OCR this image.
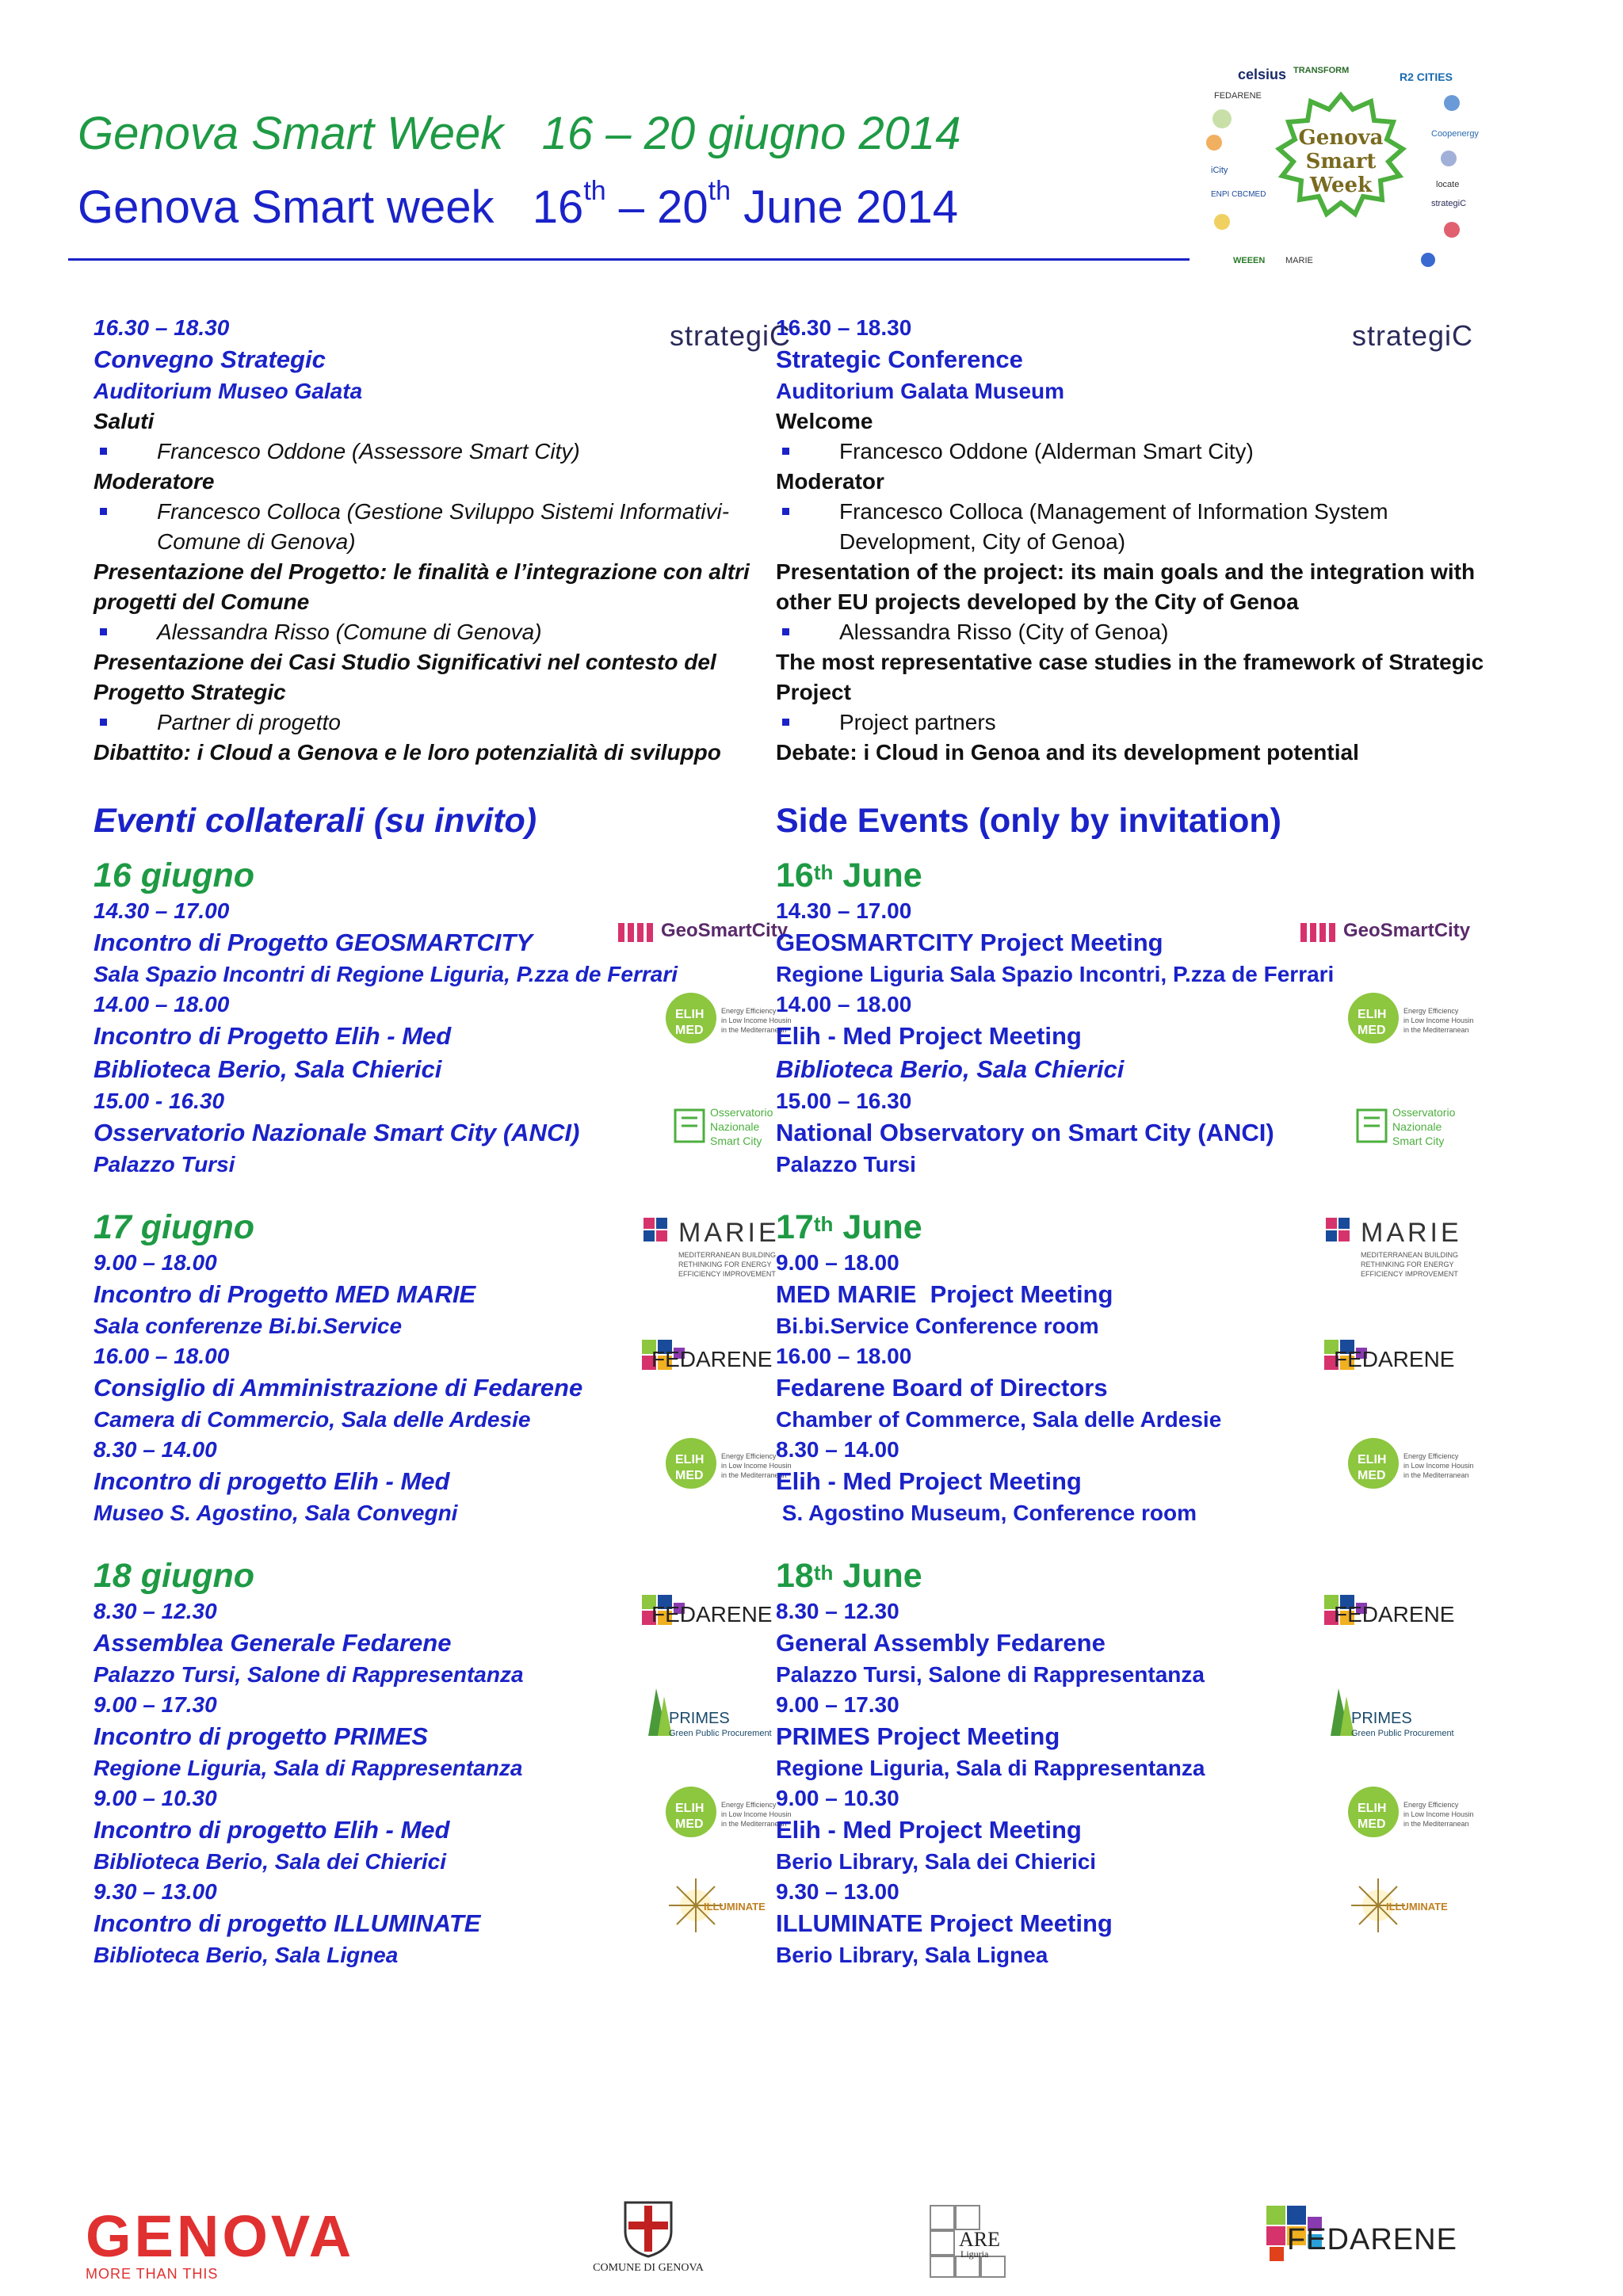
Genova Smart Week   16 – 20 giugno 2014
Genova Smart week   16th – 20th June 2014
Genova
Smart
Week
celsius TRANSFORM	R2 CITIES
FEDARENE
Coopenergy
iCity
ENPI CBCMED
locate
strategiC
MARIE
WEEEN
strategiC
16.30 – 18.30
Convegno Strategic
Auditorium Museo Galata
Saluti
Francesco Oddone (Assessore Smart City)
Moderatore
Francesco Colloca (Gestione Sviluppo Sistemi Informativi-
Comune di Genova)
Presentazione del Progetto: le finalità e l’integrazione con altri
progetti del Comune
Alessandra Risso (Comune di Genova)
Presentazione dei Casi Studio Significativi nel contesto del
Progetto Strategic
Partner di progetto
Dibattito: i Cloud a Genova e le loro potenzialità di sviluppo
Eventi collaterali (su invito)
16 giugno
GeoSmartCity
14.30 – 17.00
Incontro di Progetto GEOSMARTCITY
Sala Spazio Incontri di Regione Liguria, P.zza de Ferrari
ELIH
MED
Energy Efficiency
in Low Income Housing
in the Mediterranean
14.00 – 18.00
Incontro di Progetto Elih - Med
Biblioteca Berio, Sala Chierici
Osservatorio
Nazionale
Smart City
15.00 - 16.30
Osservatorio Nazionale Smart City (ANCI)
Palazzo Tursi
17 giugno	MARIE
MEDITERRANEAN BUILDING
RETHINKING FOR ENERGY
EFFICIENCY IMPROVEMENT
9.00 – 18.00
Incontro di Progetto MED MARIE
Sala conferenze Bi.bi.Service
FEDARENE
16.00 – 18.00
Consiglio di Amministrazione di Fedarene
Camera di Commercio, Sala delle Ardesie
ELIH
MED
Energy Efficiency
in Low Income Housing
in the Mediterranean
8.30 – 14.00
Incontro di progetto Elih - Med
Museo S. Agostino, Sala Convegni
18 giugno
FEDARENE
8.30 – 12.30
Assemblea Generale Fedarene
Palazzo Tursi, Salone di Rappresentanza
PRIMES
Green Public Procurement
9.00 – 17.30
Incontro di progetto PRIMES
Regione Liguria, Sala di Rappresentanza
ELIH
MED
Energy Efficiency
in Low Income Housing
in the Mediterranean
9.00 – 10.30
Incontro di progetto Elih - Med
Biblioteca Berio, Sala dei Chierici
ILLUMINATE
9.30 – 13.00
Incontro di progetto ILLUMINATE
Biblioteca Berio, Sala Lignea
strategiC
16.30 – 18.30
Strategic Conference
Auditorium Galata Museum
Welcome
Francesco Oddone (Alderman Smart City)
Moderator
Francesco Colloca (Management of Information System
Development, City of Genoa)
Presentation of the project: its main goals and the integration with
other EU projects developed by the City of Genoa
Alessandra Risso (City of Genoa)
The most representative case studies in the framework of Strategic
Project
Project partners
Debate: i Cloud in Genoa and its development potential
Side Events (only by invitation)
16th June
GeoSmartCity
14.30 – 17.00
GEOSMARTCITY Project Meeting
Regione Liguria Sala Spazio Incontri, P.zza de Ferrari
ELIH
MED
Energy Efficiency
in Low Income Housing
in the Mediterranean
14.00 – 18.00
Elih - Med Project Meeting
Biblioteca Berio, Sala Chierici
Osservatorio
Nazionale
Smart City
15.00 – 16.30
National Observatory on Smart City (ANCI)
Palazzo Tursi
17th June	MARIE
MEDITERRANEAN BUILDING
RETHINKING FOR ENERGY
EFFICIENCY IMPROVEMENT
9.00 – 18.00
MED MARIE  Project Meeting
Bi.bi.Service Conference room
FEDARENE
16.00 – 18.00
Fedarene Board of Directors
Chamber of Commerce, Sala delle Ardesie
ELIH
MED
Energy Efficiency
in Low Income Housing
in the Mediterranean
8.30 – 14.00
Elih - Med Project Meeting
S. Agostino Museum, Conference room
18th June
FEDARENE
8.30 – 12.30
General Assembly Fedarene
Palazzo Tursi, Salone di Rappresentanza
PRIMES
Green Public Procurement
9.00 – 17.30
PRIMES Project Meeting
Regione Liguria, Sala di Rappresentanza
ELIH
MED
Energy Efficiency
in Low Income Housing
in the Mediterranean
9.00 – 10.30
Elih - Med Project Meeting
Berio Library, Sala dei Chierici
ILLUMINATE
9.30 – 13.00
ILLUMINATE Project Meeting
Berio Library, Sala Lignea
GENOVA
MORE THAN THIS	COMUNE DI GENOVA
ARE
Liguria	FEDARENE
